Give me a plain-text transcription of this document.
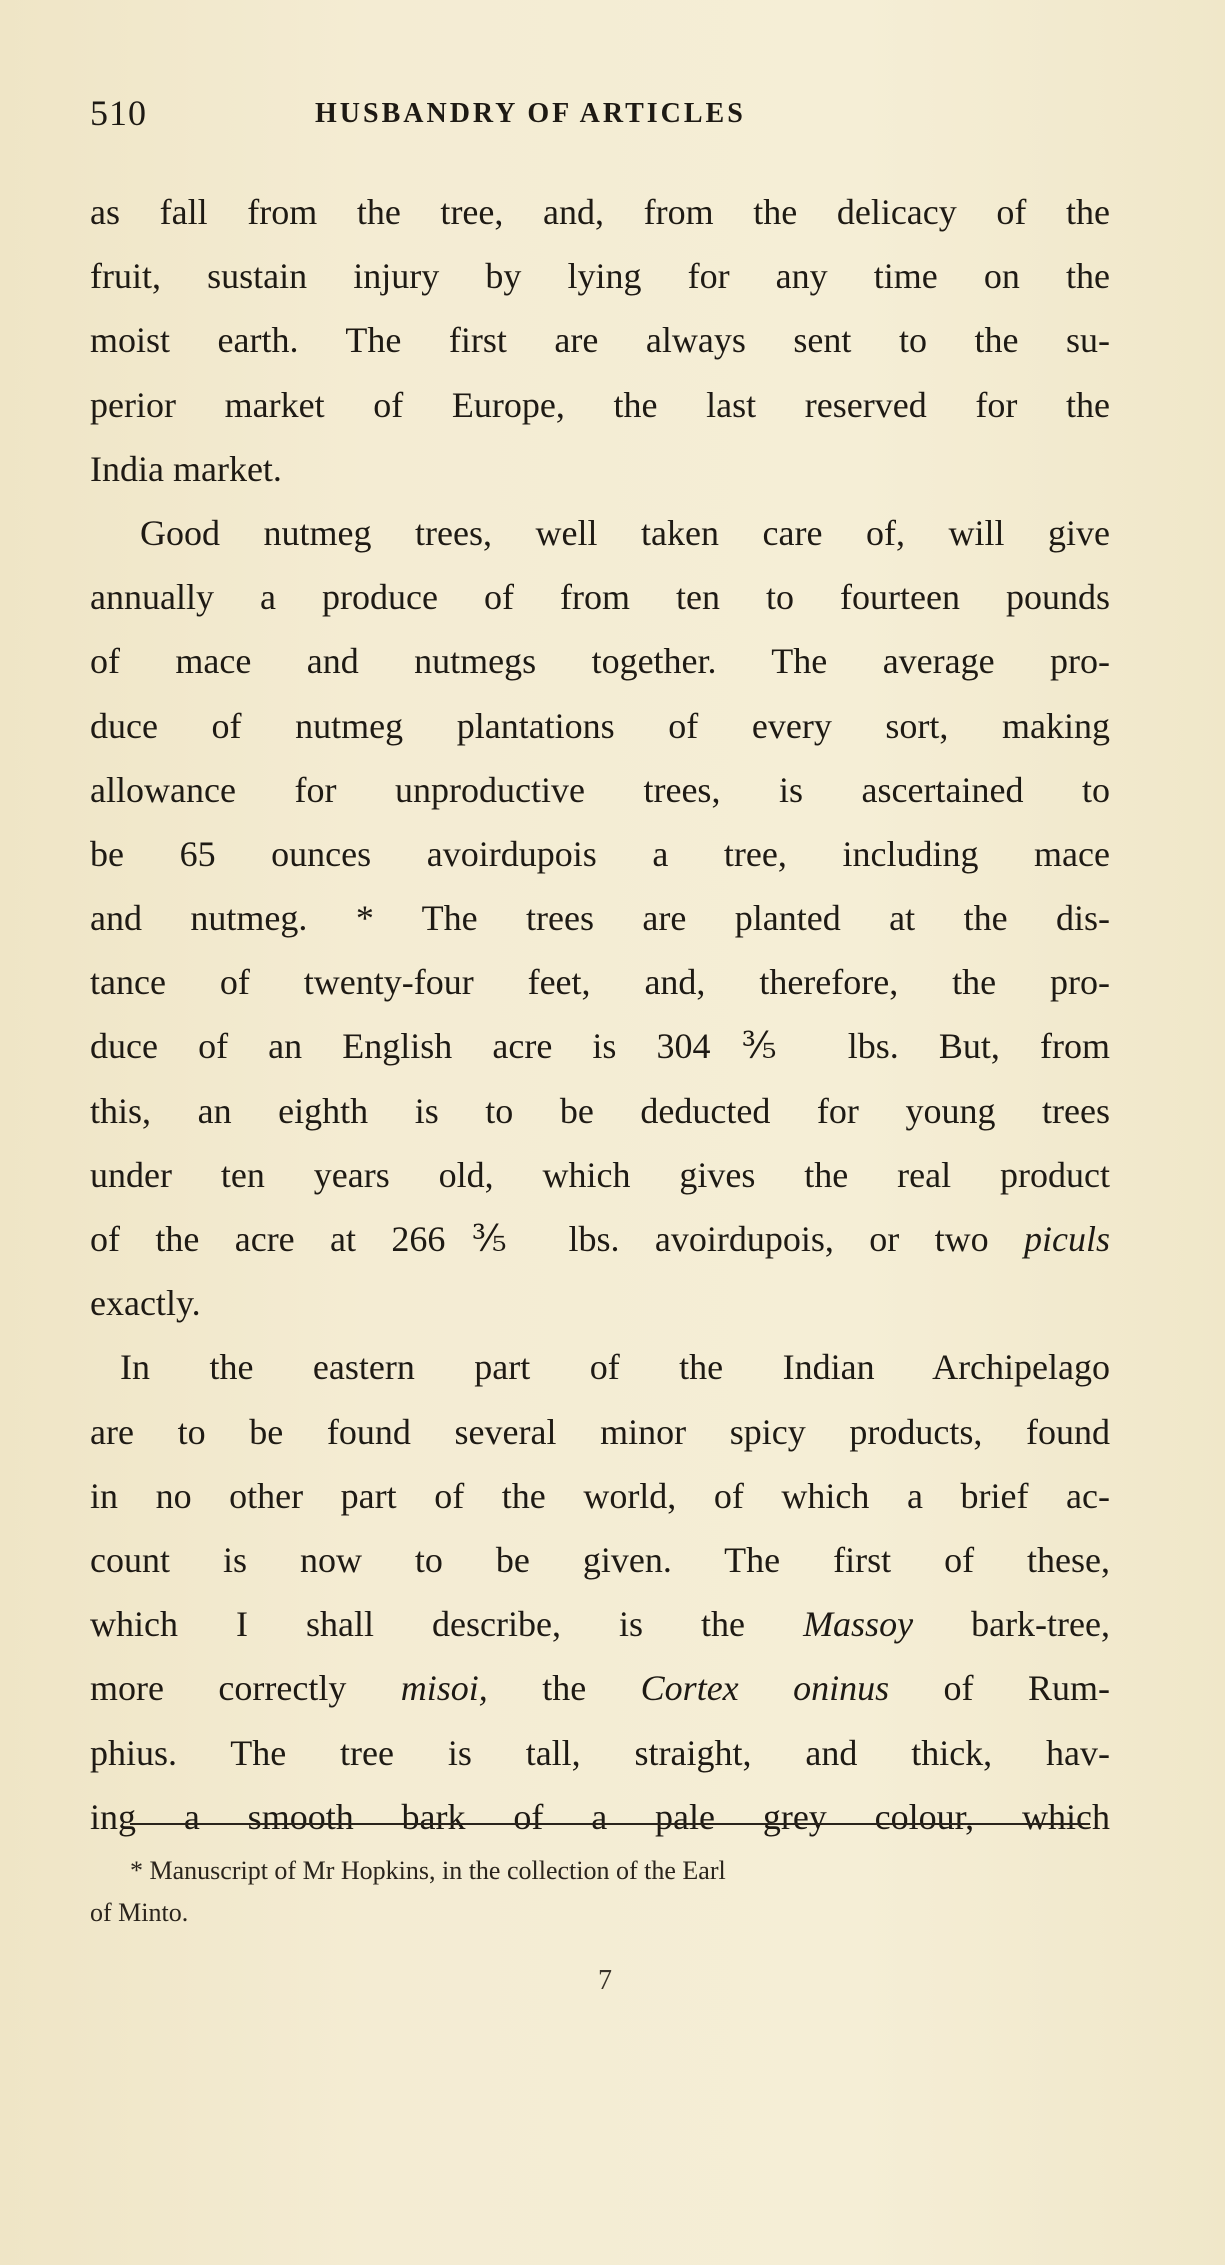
510	HUSBANDRY OF ARTICLES
as fall from the tree, and, from the delicacy of the
fruit, sustain injury by lying for any time on the
moist earth. The first are always sent to the su-
perior market of Europe, the last reserved for the
India market.
Good nutmeg trees, well taken care of, will give
annually a produce of from ten to fourteen pounds
of mace and nutmegs together. The average pro-
duce of nutmeg plantations of every sort, making
allowance for unproductive trees, is ascertained to
be 65 ounces avoirdupois a tree, including mace
and nutmeg. * The trees are planted at the dis-
tance of twenty-four feet, and, therefore, the pro-
duce of an English acre is 304⅗ lbs. But, from
this, an eighth is to be deducted for young trees
under ten years old, which gives the real product
of the acre at 266⅗ lbs. avoirdupois, or two piculs
exactly.
In the eastern part of the Indian Archipelago
are to be found several minor spicy products, found
in no other part of the world, of which a brief ac-
count is now to be given. The first of these,
which I shall describe, is the Massoy bark-tree,
more correctly misoi, the Cortex oninus of Rum-
phius. The tree is tall, straight, and thick, hav-
ing a smooth bark of a pale grey colour, which
* Manuscript of Mr Hopkins, in the collection of the Earl
of Minto.
7
